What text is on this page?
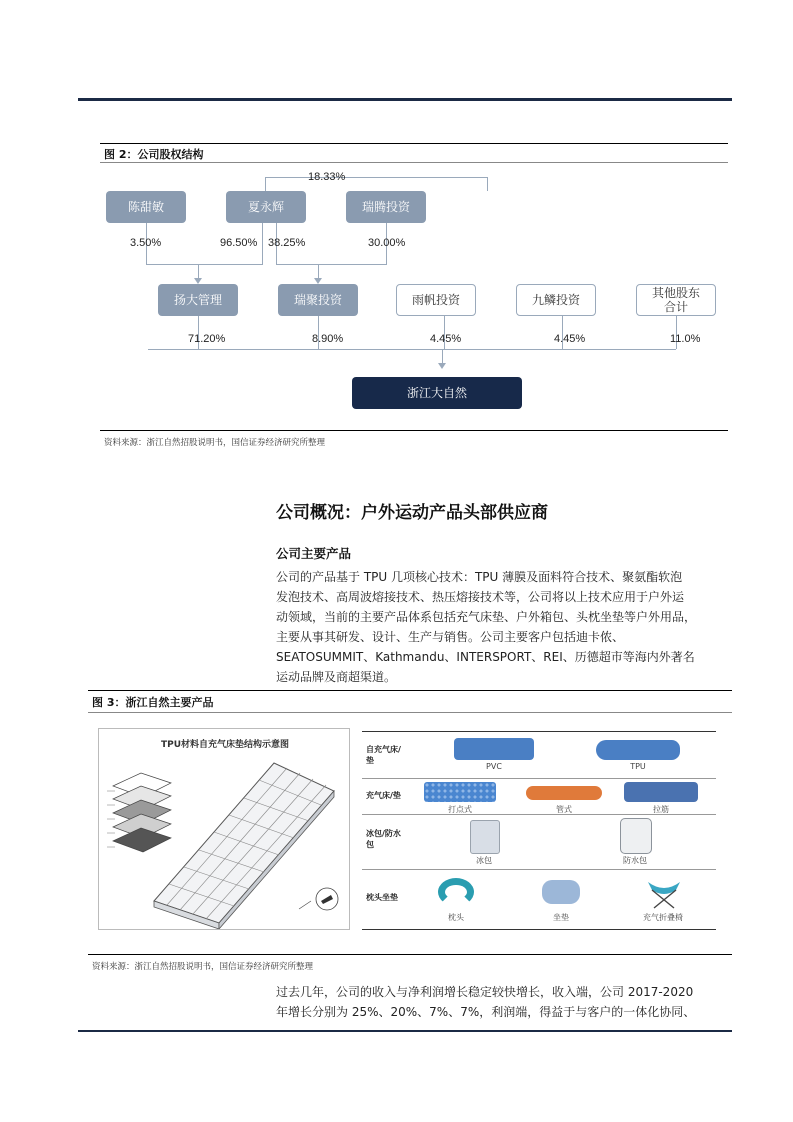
图 2：公司股权结构
陈甜敏	夏永辉	瑞腾投资
扬大管理	瑞聚投资	雨帆投资	九鳞投资	其他股东合计
浙江大自然
18.33%
3.50%	96.50% 38.25%	30.00%
71.20%	8.90%	4.45%	4.45%	11.0%
资料来源：浙江自然招股说明书，国信证券经济研究所整理
公司概况：户外运动产品头部供应商
公司主要产品
公司的产品基于 TPU 几项核心技术：TPU 薄膜及面料符合技术、聚氨酯软泡
发泡技术、高周波熔接技术、热压熔接技术等，公司将以上技术应用于户外运
动领域，当前的主要产品体系包括充气床垫、户外箱包、头枕坐垫等户外用品，
主要从事其研发、设计、生产与销售。公司主要客户包括迪卡侬、
SEATOSUMMIT、Kathmandu、INTERSPORT、REI、历德超市等海内外著名
运动品牌及商超渠道。
图 3：浙江自然主要产品
TPU材料自充气床垫结构示意图	自充气床/垫
PVC	TPU
充气床/垫
打点式	管式	拉筋
冰包/防水包
冰包	防水包
枕头坐垫
枕头	坐垫	充气折叠椅
资料来源：浙江自然招股说明书，国信证券经济研究所整理
过去几年，公司的收入与净利润增长稳定较快增长，收入端，公司 2017-2020
年增长分别为 25%、20%、7%、7%，利润端，得益于与客户的一体化协同、
